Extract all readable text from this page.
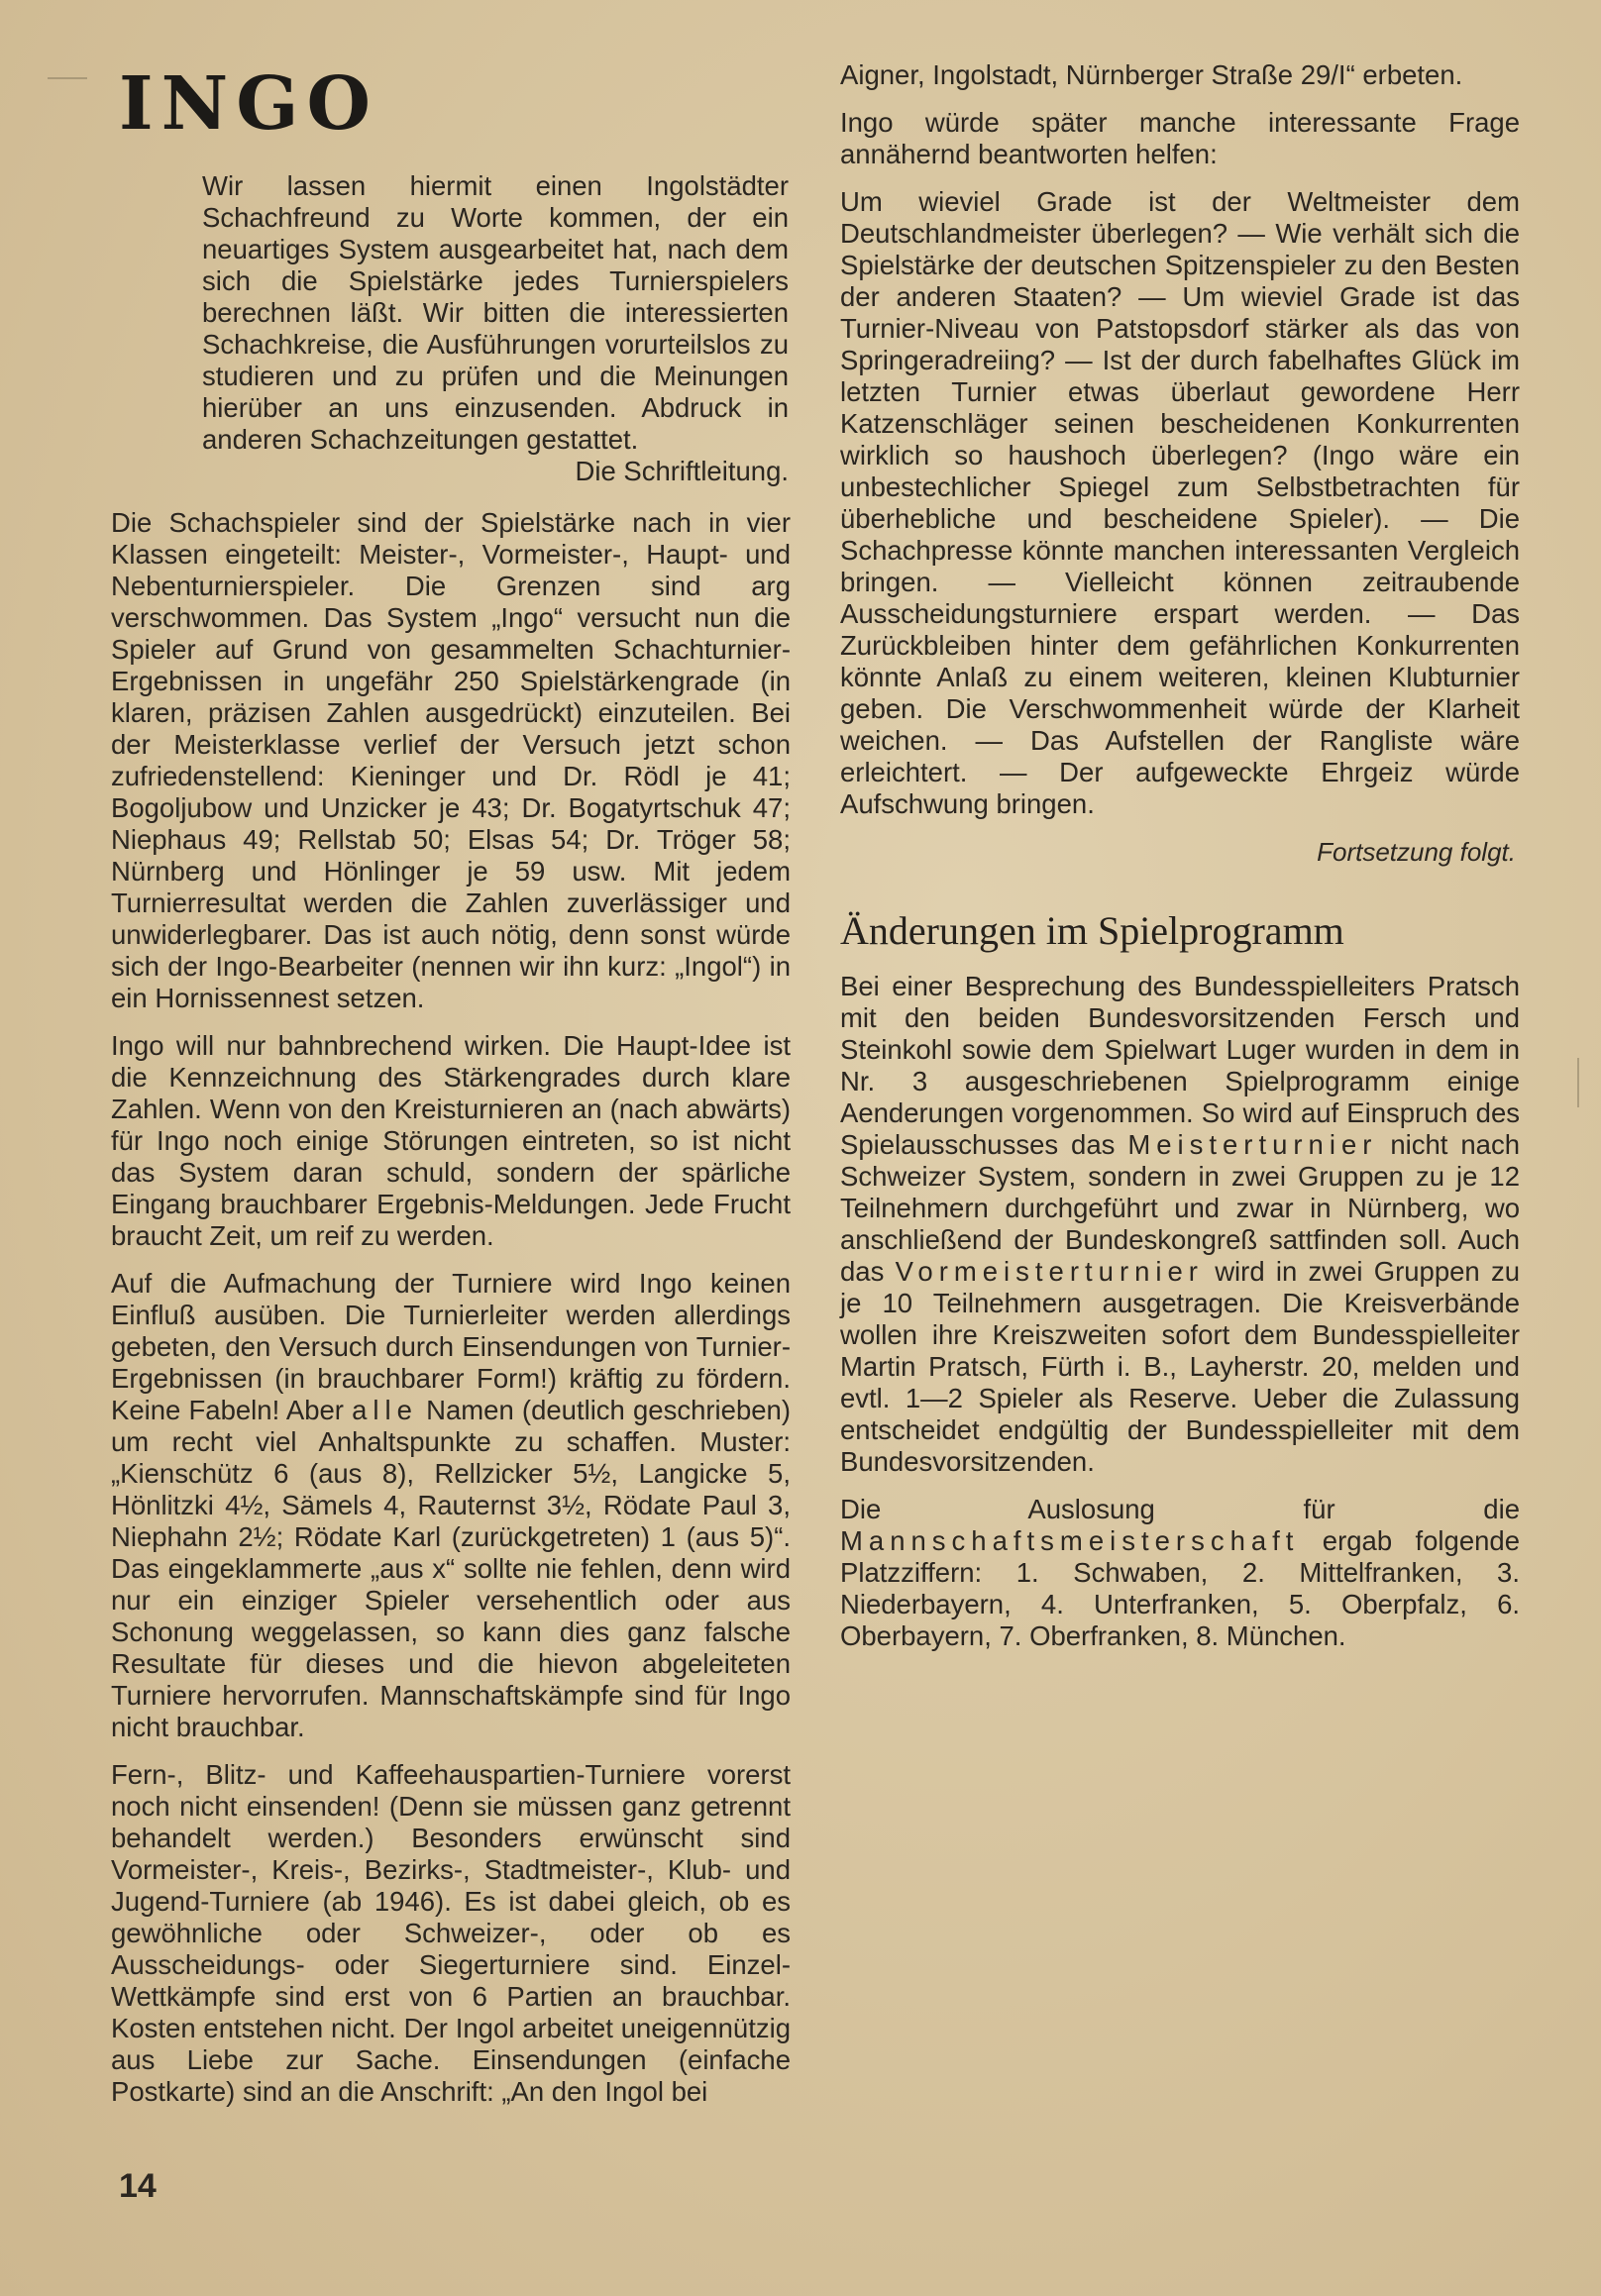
INGO
Wir lassen hiermit einen Ingolstädter Schachfreund zu Worte kommen, der ein neuartiges System ausgearbeitet hat, nach dem sich die Spielstärke jedes Turnierspielers berechnen läßt. Wir bitten die interessierten Schachkreise, die Ausführungen vorurteilslos zu studieren und zu prüfen und die Meinungen hierüber an uns einzusenden. Abdruck in anderen Schachzeitungen gestattet.
Die Schriftleitung.

Die Schachspieler sind der Spielstärke nach in vier Klassen eingeteilt: Meister-, Vormeister-, Haupt- und Nebenturnierspieler. Die Grenzen sind arg verschwommen. Das System „Ingo“ versucht nun die Spieler auf Grund von gesammelten Schachturnier-Ergebnissen in ungefähr 250 Spielstärkengrade (in klaren, präzisen Zahlen ausgedrückt) einzuteilen. Bei der Meisterklasse verlief der Versuch jetzt schon zufriedenstellend: Kieninger und Dr. Rödl je 41; Bogoljubow und Unzicker je 43; Dr. Bogatyrtschuk 47; Niephaus 49; Rellstab 50; Elsas 54; Dr. Tröger 58; Nürnberg und Hönlinger je 59 usw. Mit jedem Turnierresultat werden die Zahlen zuverlässiger und unwiderlegbarer. Das ist auch nötig, denn sonst würde sich der Ingo-Bearbeiter (nennen wir ihn kurz: „Ingol“) in ein Hornissennest setzen.

Ingo will nur bahnbrechend wirken. Die Haupt-Idee ist die Kennzeichnung des Stärkengrades durch klare Zahlen. Wenn von den Kreisturnieren an (nach abwärts) für Ingo noch einige Störungen eintreten, so ist nicht das System daran schuld, sondern der spärliche Eingang brauchbarer Ergebnis-Meldungen. Jede Frucht braucht Zeit, um reif zu werden.

Auf die Aufmachung der Turniere wird Ingo keinen Einfluß ausüben. Die Turnierleiter werden allerdings gebeten, den Versuch durch Einsendungen von Turnier-Ergebnissen (in brauchbarer Form!) kräftig zu fördern. Keine Fabeln! Aber alle Namen (deutlich geschrieben) um recht viel Anhaltspunkte zu schaffen. Muster: „Kienschütz 6 (aus 8), Rellzicker 5½, Langicke 5, Hönlitzki 4½, Sämels 4, Rauternst 3½, Rödate Paul 3, Niephahn 2½; Rödate Karl (zurückgetreten) 1 (aus 5)“. Das eingeklammerte „aus x“ sollte nie fehlen, denn wird nur ein einziger Spieler versehentlich oder aus Schonung weggelassen, so kann dies ganz falsche Resultate für dieses und die hievon abgeleiteten Turniere hervorrufen. Mannschaftskämpfe sind für Ingo nicht brauchbar.

Fern-, Blitz- und Kaffeehauspartien-Turniere vorerst noch nicht einsenden! (Denn sie müssen ganz getrennt behandelt werden.) Besonders erwünscht sind Vormeister-, Kreis-, Bezirks-, Stadtmeister-, Klub- und Jugend-Turniere (ab 1946). Es ist dabei gleich, ob es gewöhnliche oder Schweizer-, oder ob es Ausscheidungs- oder Siegerturniere sind. Einzel-Wettkämpfe sind erst von 6 Partien an brauchbar. Kosten entstehen nicht. Der Ingol arbeitet uneigennützig aus Liebe zur Sache. Einsendungen (einfache Postkarte) sind an die Anschrift: „An den Ingol bei

Aigner, Ingolstadt, Nürnberger Straße 29/I“ erbeten.

Ingo würde später manche interessante Frage annähernd beantworten helfen:

Um wieviel Grade ist der Weltmeister dem Deutschlandmeister überlegen? — Wie verhält sich die Spielstärke der deutschen Spitzenspieler zu den Besten der anderen Staaten? — Um wieviel Grade ist das Turnier-Niveau von Patstopsdorf stärker als das von Springeradreiing? — Ist der durch fabelhaftes Glück im letzten Turnier etwas überlaut gewordene Herr Katzenschläger seinen bescheidenen Konkurrenten wirklich so haushoch überlegen? (Ingo wäre ein unbestechlicher Spiegel zum Selbstbetrachten für überhebliche und bescheidene Spieler). — Die Schachpresse könnte manchen interessanten Vergleich bringen. — Vielleicht können zeitraubende Ausscheidungsturniere erspart werden. — Das Zurückbleiben hinter dem gefährlichen Konkurrenten könnte Anlaß zu einem weiteren, kleinen Klubturnier geben. Die Verschwommenheit würde der Klarheit weichen. — Das Aufstellen der Rangliste wäre erleichtert. — Der aufgeweckte Ehrgeiz würde Aufschwung bringen.

Fortsetzung folgt.
Änderungen im Spielprogramm

Bei einer Besprechung des Bundesspielleiters Pratsch mit den beiden Bundesvorsitzenden Fersch und Steinkohl sowie dem Spielwart Luger wurden in dem in Nr. 3 ausgeschriebenen Spielprogramm einige Aenderungen vorgenommen. So wird auf Einspruch des Spielausschusses das Meisterturnier nicht nach Schweizer System, sondern in zwei Gruppen zu je 12 Teilnehmern durchgeführt und zwar in Nürnberg, wo anschließend der Bundeskongreß sattfinden soll. Auch das Vormeisterturnier wird in zwei Gruppen zu je 10 Teilnehmern ausgetragen. Die Kreisverbände wollen ihre Kreiszweiten sofort dem Bundesspielleiter Martin Pratsch, Fürth i. B., Layherstr. 20, melden und evtl. 1—2 Spieler als Reserve. Ueber die Zulassung entscheidet endgültig der Bundesspielleiter mit dem Bundesvorsitzenden.

Die Auslosung für die Mannschaftsmeisterschaft ergab folgende Platzziffern: 1. Schwaben, 2. Mittelfranken, 3. Niederbayern, 4. Unterfranken, 5. Oberpfalz, 6. Oberbayern, 7. Oberfranken, 8. München.

14
